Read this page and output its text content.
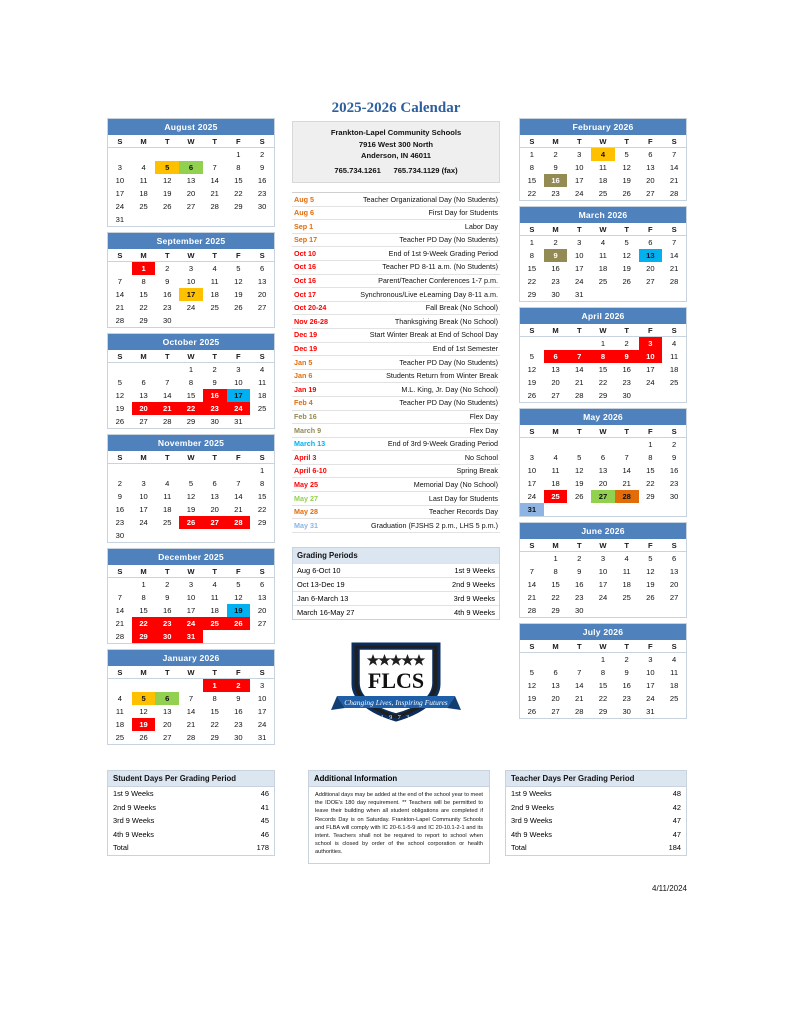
August 2025
S	M	T	W	T	F	S

					1	2

3	4	5	6	7	8	9

10	11	12	13	14	15	16

17	18	19	20	21	22	23

24	25	26	27	28	29	30

31						

September 2025
S	M	T	W	T	F	S

	1	2	3	4	5	6

7	8	9	10	11	12	13

14	15	16	17	18	19	20

21	22	23	24	25	26	27

28	29	30				

October 2025
S	M	T	W	T	F	S

			1	2	3	4

5	6	7	8	9	10	11

12	13	14	15	16	17	18

19	20	21	22	23	24	25

26	27	28	29	30	31	

November 2025
S	M	T	W	T	F	S

						1

2	3	4	5	6	7	8

9	10	11	12	13	14	15

16	17	18	19	20	21	22

23	24	25	26	27	28	29

30						

December 2025
S	M	T	W	T	F	S

	1	2	3	4	5	6

7	8	9	10	11	12	13

14	15	16	17	18	19	20

21	22	23	24	25	26	27

28	29	30	31			

January 2026
S	M	T	W	T	F	S

				1	2	3

4	5	6	7	8	9	10

11	12	13	14	15	16	17

18	19	20	21	22	23	24

25	26	27	28	29	30	31
2025-2026 Calendar
Frankton-Lapel Community Schools
7916 West 300 North
Anderson, IN 46011
765.734.1261 765.734.1129 (fax)
Aug 5	Teacher Organizational Day (No Students)
Aug 6	First Day for Students
Sep 1	Labor Day
Sep 17	Teacher PD Day (No Students)
Oct 10	End of 1st 9-Week Grading Period
Oct 16	Teacher PD 8-11 a.m. (No Students)
Oct 16	Parent/Teacher Conferences 1-7 p.m.
Oct 17	Synchronous/Live eLearning Day 8-11 a.m.
Oct 20-24	Fall Break (No School)
Nov 26-28	Thanksgiving Break (No School)
Dec 19	Start Winter Break at End of School Day
Dec 19	End of 1st Semester
Jan 5	Teacher PD Day (No Students)
Jan 6	Students Return from Winter Break
Jan 19	M.L. King, Jr. Day (No School)
Feb 4	Teacher PD Day (No Students)
Feb 16	Flex Day
March 9	Flex Day
March 13	End of 3rd 9-Week Grading Period
April 3	No School
April 6-10	Spring Break
May 25	Memorial Day (No School)
May 27	Last Day for Students
May 28	Teacher Records Day
May 31	Graduation (FJSHS 2 p.m., LHS 5 p.m.)
Grading Periods
Aug 6-Oct 10	1st 9 Weeks
Oct 13-Dec 19	2nd 9 Weeks
Jan 6-March 13	3rd 9 Weeks
March 16-May 27	4th 9 Weeks
FLCS
Changing Lives, Inspiring Futures
1 9 7 3
February 2026
S	M	T	W	T	F	S

1	2	3	4	5	6	7

8	9	10	11	12	13	14

15	16	17	18	19	20	21

22	23	24	25	26	27	28
March 2026
S	M	T	W	T	F	S

1	2	3	4	5	6	7

8	9	10	11	12	13	14

15	16	17	18	19	20	21

22	23	24	25	26	27	28

29	30	31				

April 2026
S	M	T	W	T	F	S

			1	2	3	4

5	6	7	8	9	10	11

12	13	14	15	16	17	18

19	20	21	22	23	24	25

26	27	28	29	30		

May 2026
S	M	T	W	T	F	S

					1	2

3	4	5	6	7	8	9

10	11	12	13	14	15	16

17	18	19	20	21	22	23

24	25	26	27	28	29	30

31						

June 2026
S	M	T	W	T	F	S

	1	2	3	4	5	6

7	8	9	10	11	12	13

14	15	16	17	18	19	20

21	22	23	24	25	26	27

28	29	30				

July 2026
S	M	T	W	T	F	S

			1	2	3	4

5	6	7	8	9	10	11

12	13	14	15	16	17	18

19	20	21	22	23	24	25

26	27	28	29	30	31	

Student Days Per Grading Period
1st 9 Weeks	46
2nd 9 Weeks	41
3rd 9 Weeks	45
4th 9 Weeks	46
Total	178
Additional Information
Additional days may be added at the end of the school year to meet the IDOE's 180 day requirement. ** Teachers will be permitted to leave their building when all student obligations are completed if Records Day is on Saturday. Frankton-Lapel Community Schools and FLBA will comply with IC 20-6.1-5-9 and IC 20-10.1-2-1 and its intent. Teachers shall not be required to report to school when school is closed by order of the school corporation or health authorities.
Teacher Days Per Grading Period
1st 9 Weeks	48
2nd 9 Weeks	42
3rd 9 Weeks	47
4th 9 Weeks	47
Total	184
4/11/2024
